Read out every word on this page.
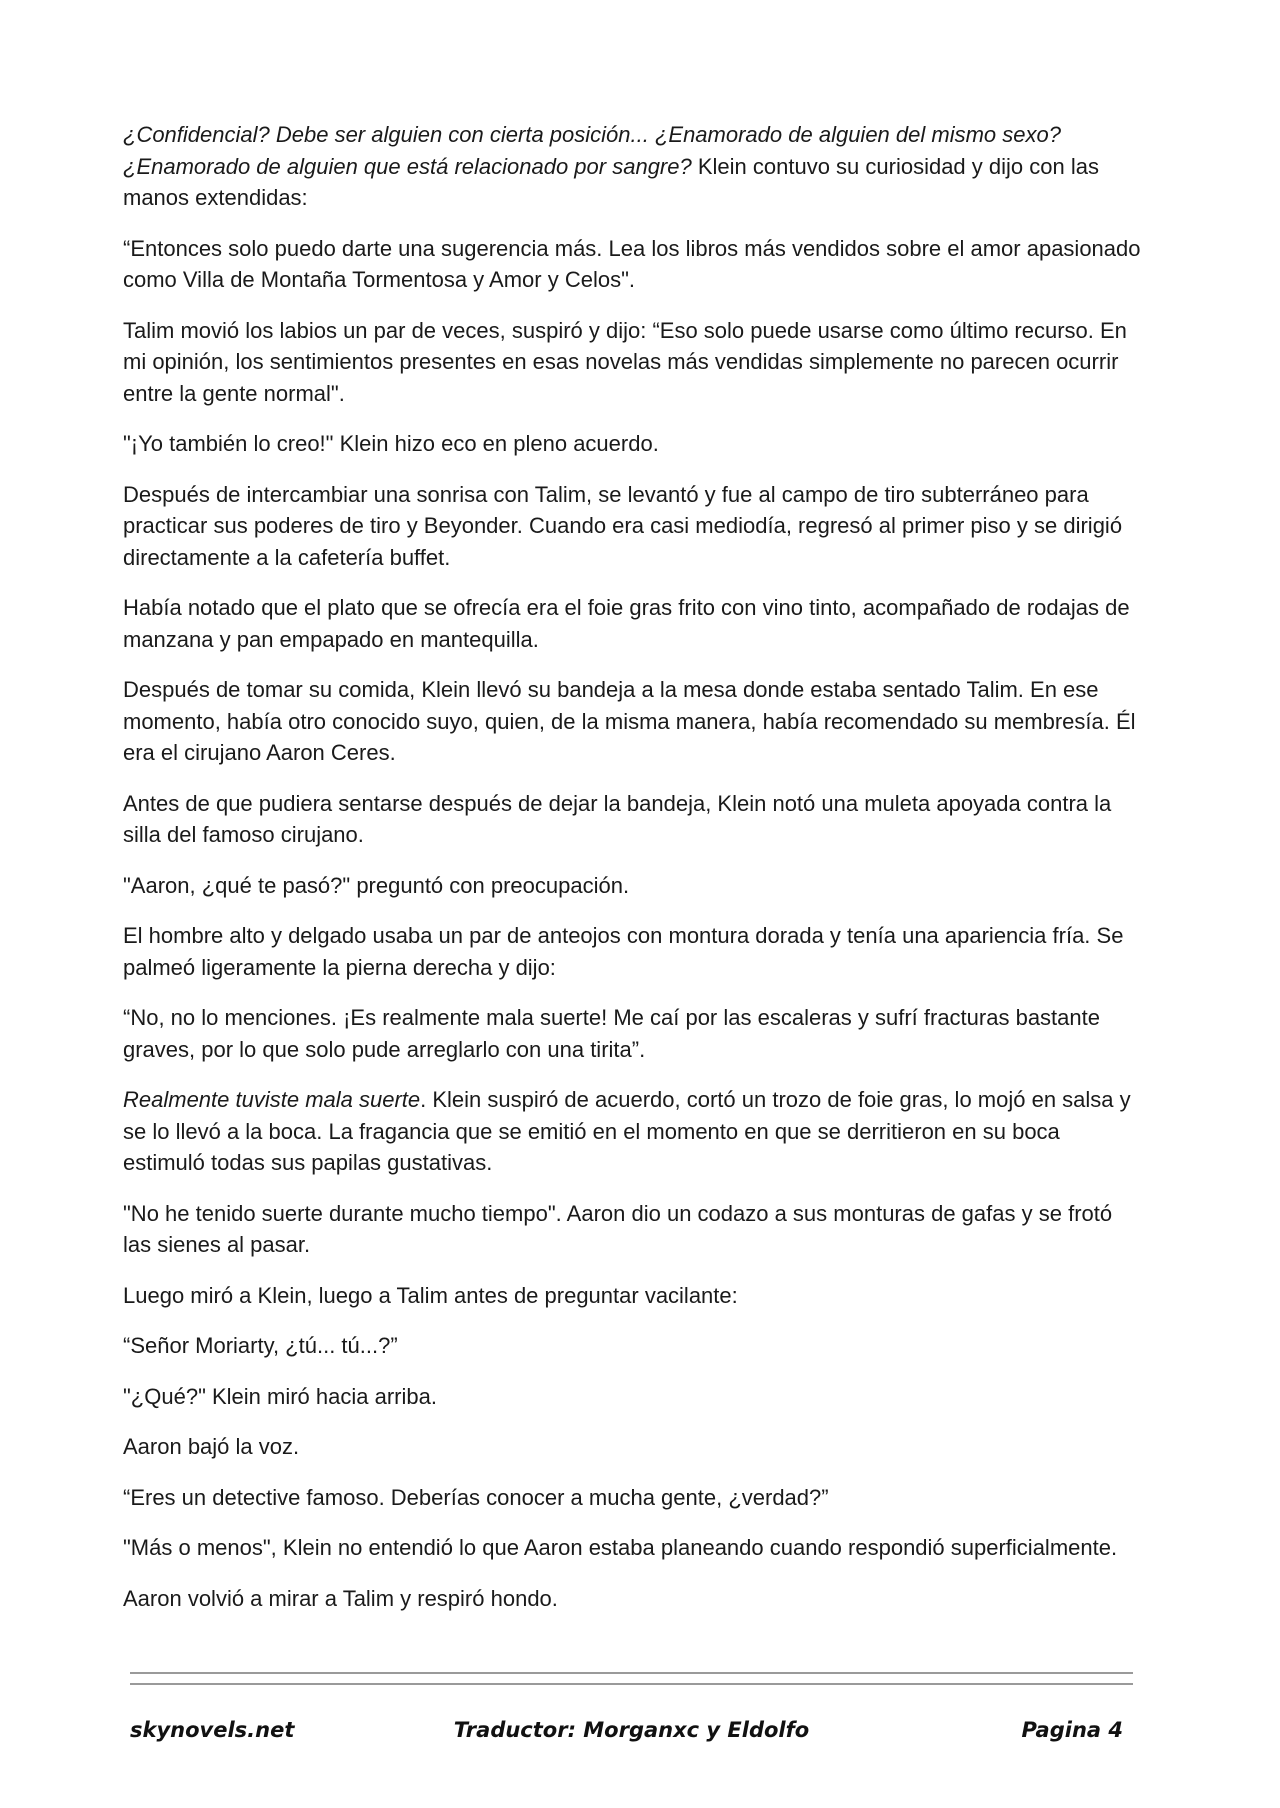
¿Confidencial? Debe ser alguien con cierta posición... ¿Enamorado de alguien del mismo sexo? ¿Enamorado de alguien que está relacionado por sangre? Klein contuvo su curiosidad y dijo con las manos extendidas:

“Entonces solo puedo darte una sugerencia más. Lea los libros más vendidos sobre el amor apasionado como Villa de Montaña Tormentosa y Amor y Celos".

Talim movió los labios un par de veces, suspiró y dijo: “Eso solo puede usarse como último recurso. En mi opinión, los sentimientos presentes en esas novelas más vendidas simplemente no parecen ocurrir entre la gente normal".

"¡Yo también lo creo!" Klein hizo eco en pleno acuerdo.

Después de intercambiar una sonrisa con Talim, se levantó y fue al campo de tiro subterráneo para practicar sus poderes de tiro y Beyonder. Cuando era casi mediodía, regresó al primer piso y se dirigió directamente a la cafetería buffet.

Había notado que el plato que se ofrecía era el foie gras frito con vino tinto, acompañado de rodajas de manzana y pan empapado en mantequilla.

Después de tomar su comida, Klein llevó su bandeja a la mesa donde estaba sentado Talim. En ese momento, había otro conocido suyo, quien, de la misma manera, había recomendado su membresía. Él era el cirujano Aaron Ceres.

Antes de que pudiera sentarse después de dejar la bandeja, Klein notó una muleta apoyada contra la silla del famoso cirujano.

"Aaron, ¿qué te pasó?" preguntó con preocupación.

El hombre alto y delgado usaba un par de anteojos con montura dorada y tenía una apariencia fría. Se palmeó ligeramente la pierna derecha y dijo:

“No, no lo menciones. ¡Es realmente mala suerte! Me caí por las escaleras y sufrí fracturas bastante graves, por lo que solo pude arreglarlo con una tirita”.

Realmente tuviste mala suerte. Klein suspiró de acuerdo, cortó un trozo de foie gras, lo mojó en salsa y se lo llevó a la boca. La fragancia que se emitió en el momento en que se derritieron en su boca estimuló todas sus papilas gustativas.

"No he tenido suerte durante mucho tiempo". Aaron dio un codazo a sus monturas de gafas y se frotó las sienes al pasar.

Luego miró a Klein, luego a Talim antes de preguntar vacilante:

“Señor Moriarty, ¿tú... tú...?”

"¿Qué?" Klein miró hacia arriba.

Aaron bajó la voz.

“Eres un detective famoso. Deberías conocer a mucha gente, ¿verdad?”

"Más o menos", Klein no entendió lo que Aaron estaba planeando cuando respondió superficialmente.

Aaron volvió a mirar a Talim y respiró hondo.

skynovels.net	Traductor: Morganxc y Eldolfo	Pagina 4
